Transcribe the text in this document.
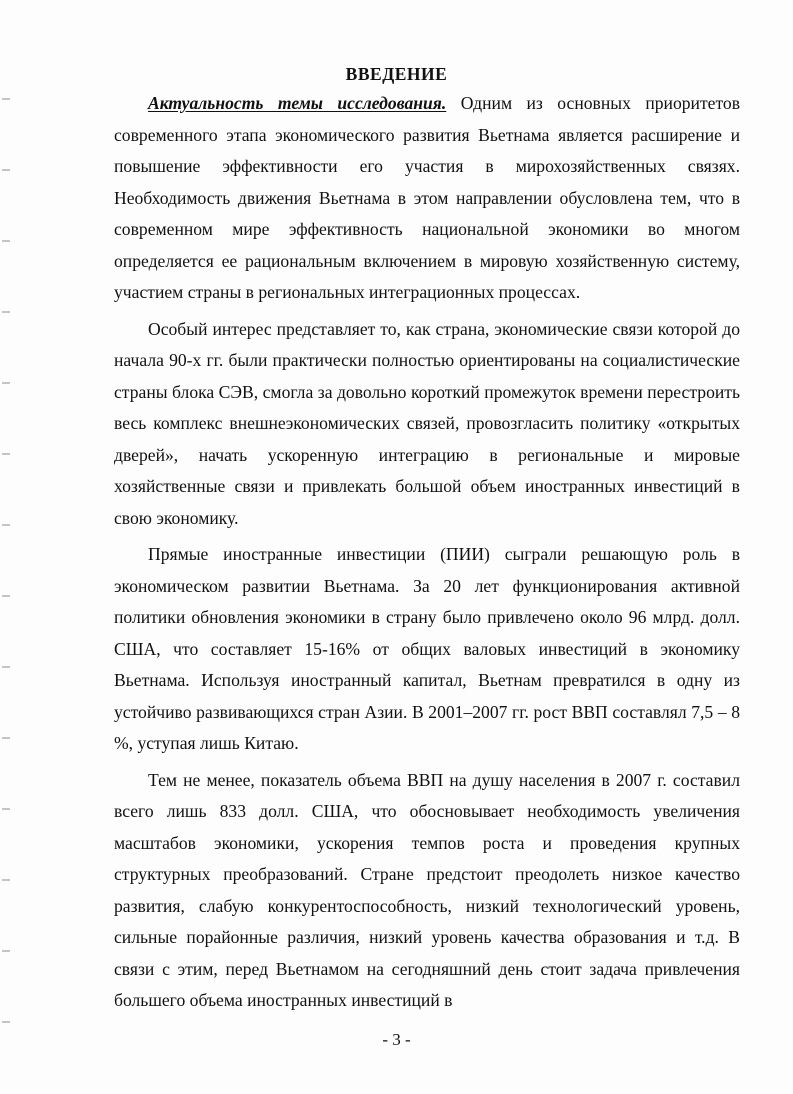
ВВЕДЕНИЕ

Актуальность темы исследования. Одним из основных приоритетов современного этапа экономического развития Вьетнама является расширение и повышение эффективности его участия в мирохозяйственных связях. Необходимость движения Вьетнама в этом направлении обусловлена тем, что в современном мире эффективность национальной экономики во многом определяется ее рациональным включением в мировую хозяйственную систему, участием страны в региональных интеграционных процессах.

Особый интерес представляет то, как страна, экономические связи которой до начала 90-х гг. были практически полностью ориентированы на социалистические страны блока СЭВ, смогла за довольно короткий промежуток времени перестроить весь комплекс внешнеэкономических связей, провозгласить политику «открытых дверей», начать ускоренную интеграцию в региональные и мировые хозяйственные связи и привлекать большой объем иностранных инвестиций в свою экономику.

Прямые иностранные инвестиции (ПИИ) сыграли решающую роль в экономическом развитии Вьетнама. За 20 лет функционирования активной политики обновления экономики в страну было привлечено около 96 млрд. долл. США, что составляет 15-16% от общих валовых инвестиций в экономику Вьетнама. Используя иностранный капитал, Вьетнам превратился в одну из устойчиво развивающихся стран Азии. В 2001–2007 гг. рост ВВП составлял 7,5 – 8 %, уступая лишь Китаю.

Тем не менее, показатель объема ВВП на душу населения в 2007 г. составил всего лишь 833 долл. США, что обосновывает необходимость увеличения масштабов экономики, ускорения темпов роста и проведения крупных структурных преобразований. Стране предстоит преодолеть низкое качество развития, слабую конкурентоспособность, низкий технологический уровень, сильные порайонные различия, низкий уровень качества образования и т.д. В связи с этим, перед Вьетнамом на сегодняшний день стоит задача привлечения большего объема иностранных инвестиций в

- 3 -
